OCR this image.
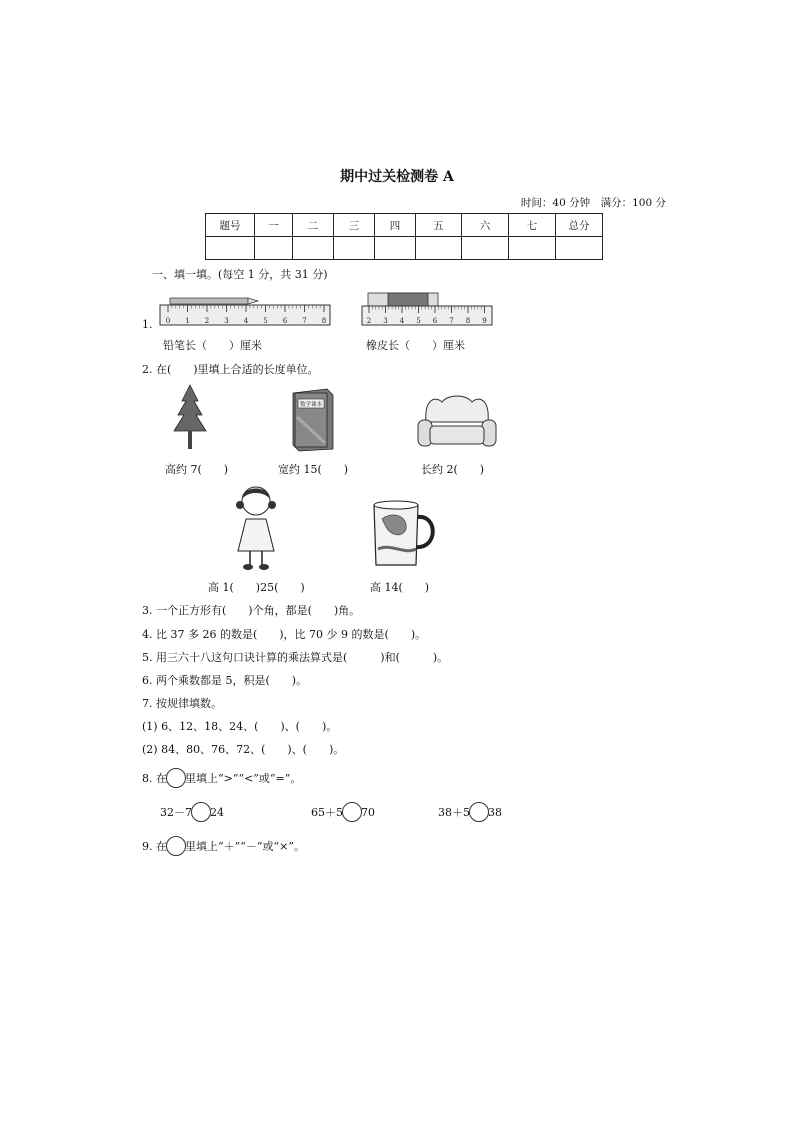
期中过关检测卷 A
时间：40 分钟　满分：100 分
题号	一	二	三	四	五	六	七	总分

一、填一填。(每空 1 分，共 31 分)
1. 0 1 2 3 4 5 6 7 8	2 3 4 5 6 7 8 9
铅笔长（　　）厘米	橡皮长（　　）厘米
2. 在(　　)里填上合适的长度单位。
数学课本
高约 7(　　)	宽约 15(　　)	长约 2(　　)
高 1(　　)25(　　)	高 14(　　)
3. 一个正方形有(　　)个角，都是(　　)角。
4. 比 37 多 26 的数是(　　)，比 70 少 9 的数是(　　)。
5. 用三六十八这句口诀计算的乘法算式是(　　　)和(　　　)。
6. 两个乘数都是 5，积是(　　)。
7. 按规律填数。
(1) 6、12、18、24、(　　)、(　　)。
(2) 84、80、76、72、(　　)、(　　)。
8. 在 里填上“>”“<”或“=”。
32－7 24	65＋5 70	38＋5 38
9. 在 里填上“＋”“－”或“×”。
